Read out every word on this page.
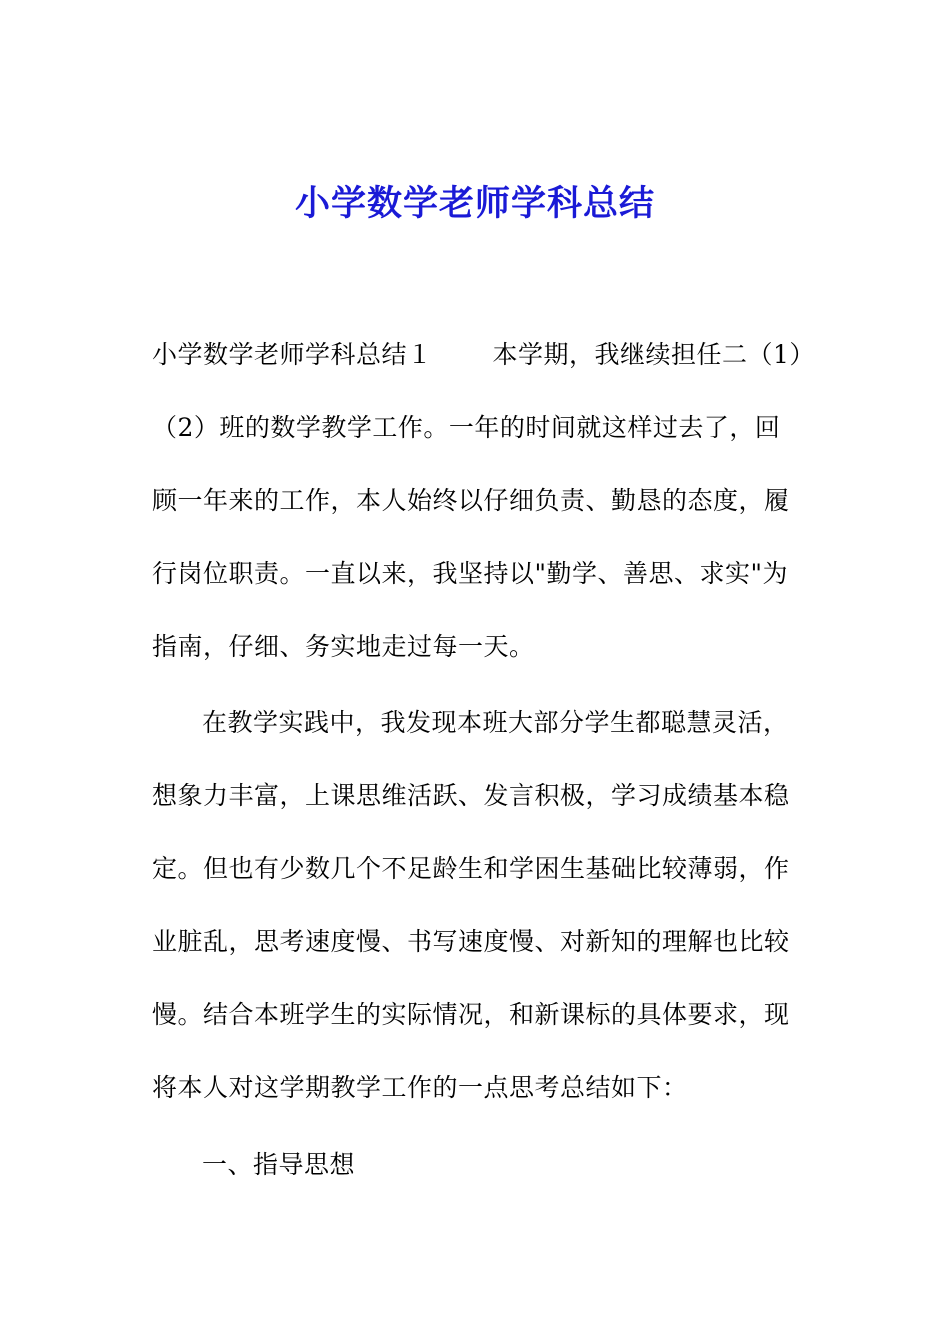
小学数学老师学科总结

小学数学老师学科总结１ 本学期，我继续担任二（1）（2）班的数学教学工作。一年的时间就这样过去了，回顾一年来的工作，本人始终以仔细负责、勤恳的态度，履行岗位职责。一直以来，我坚持以"勤学、善思、求实"为指南，仔细、务实地走过每一天。

在教学实践中，我发现本班大部分学生都聪慧灵活，想象力丰富，上课思维活跃、发言积极，学习成绩基本稳定。但也有少数几个不足龄生和学困生基础比较薄弱，作业脏乱，思考速度慢、书写速度慢、对新知的理解也比较慢。结合本班学生的实际情况，和新课标的具体要求，现将本人对这学期教学工作的一点思考总结如下：

一、指导思想
